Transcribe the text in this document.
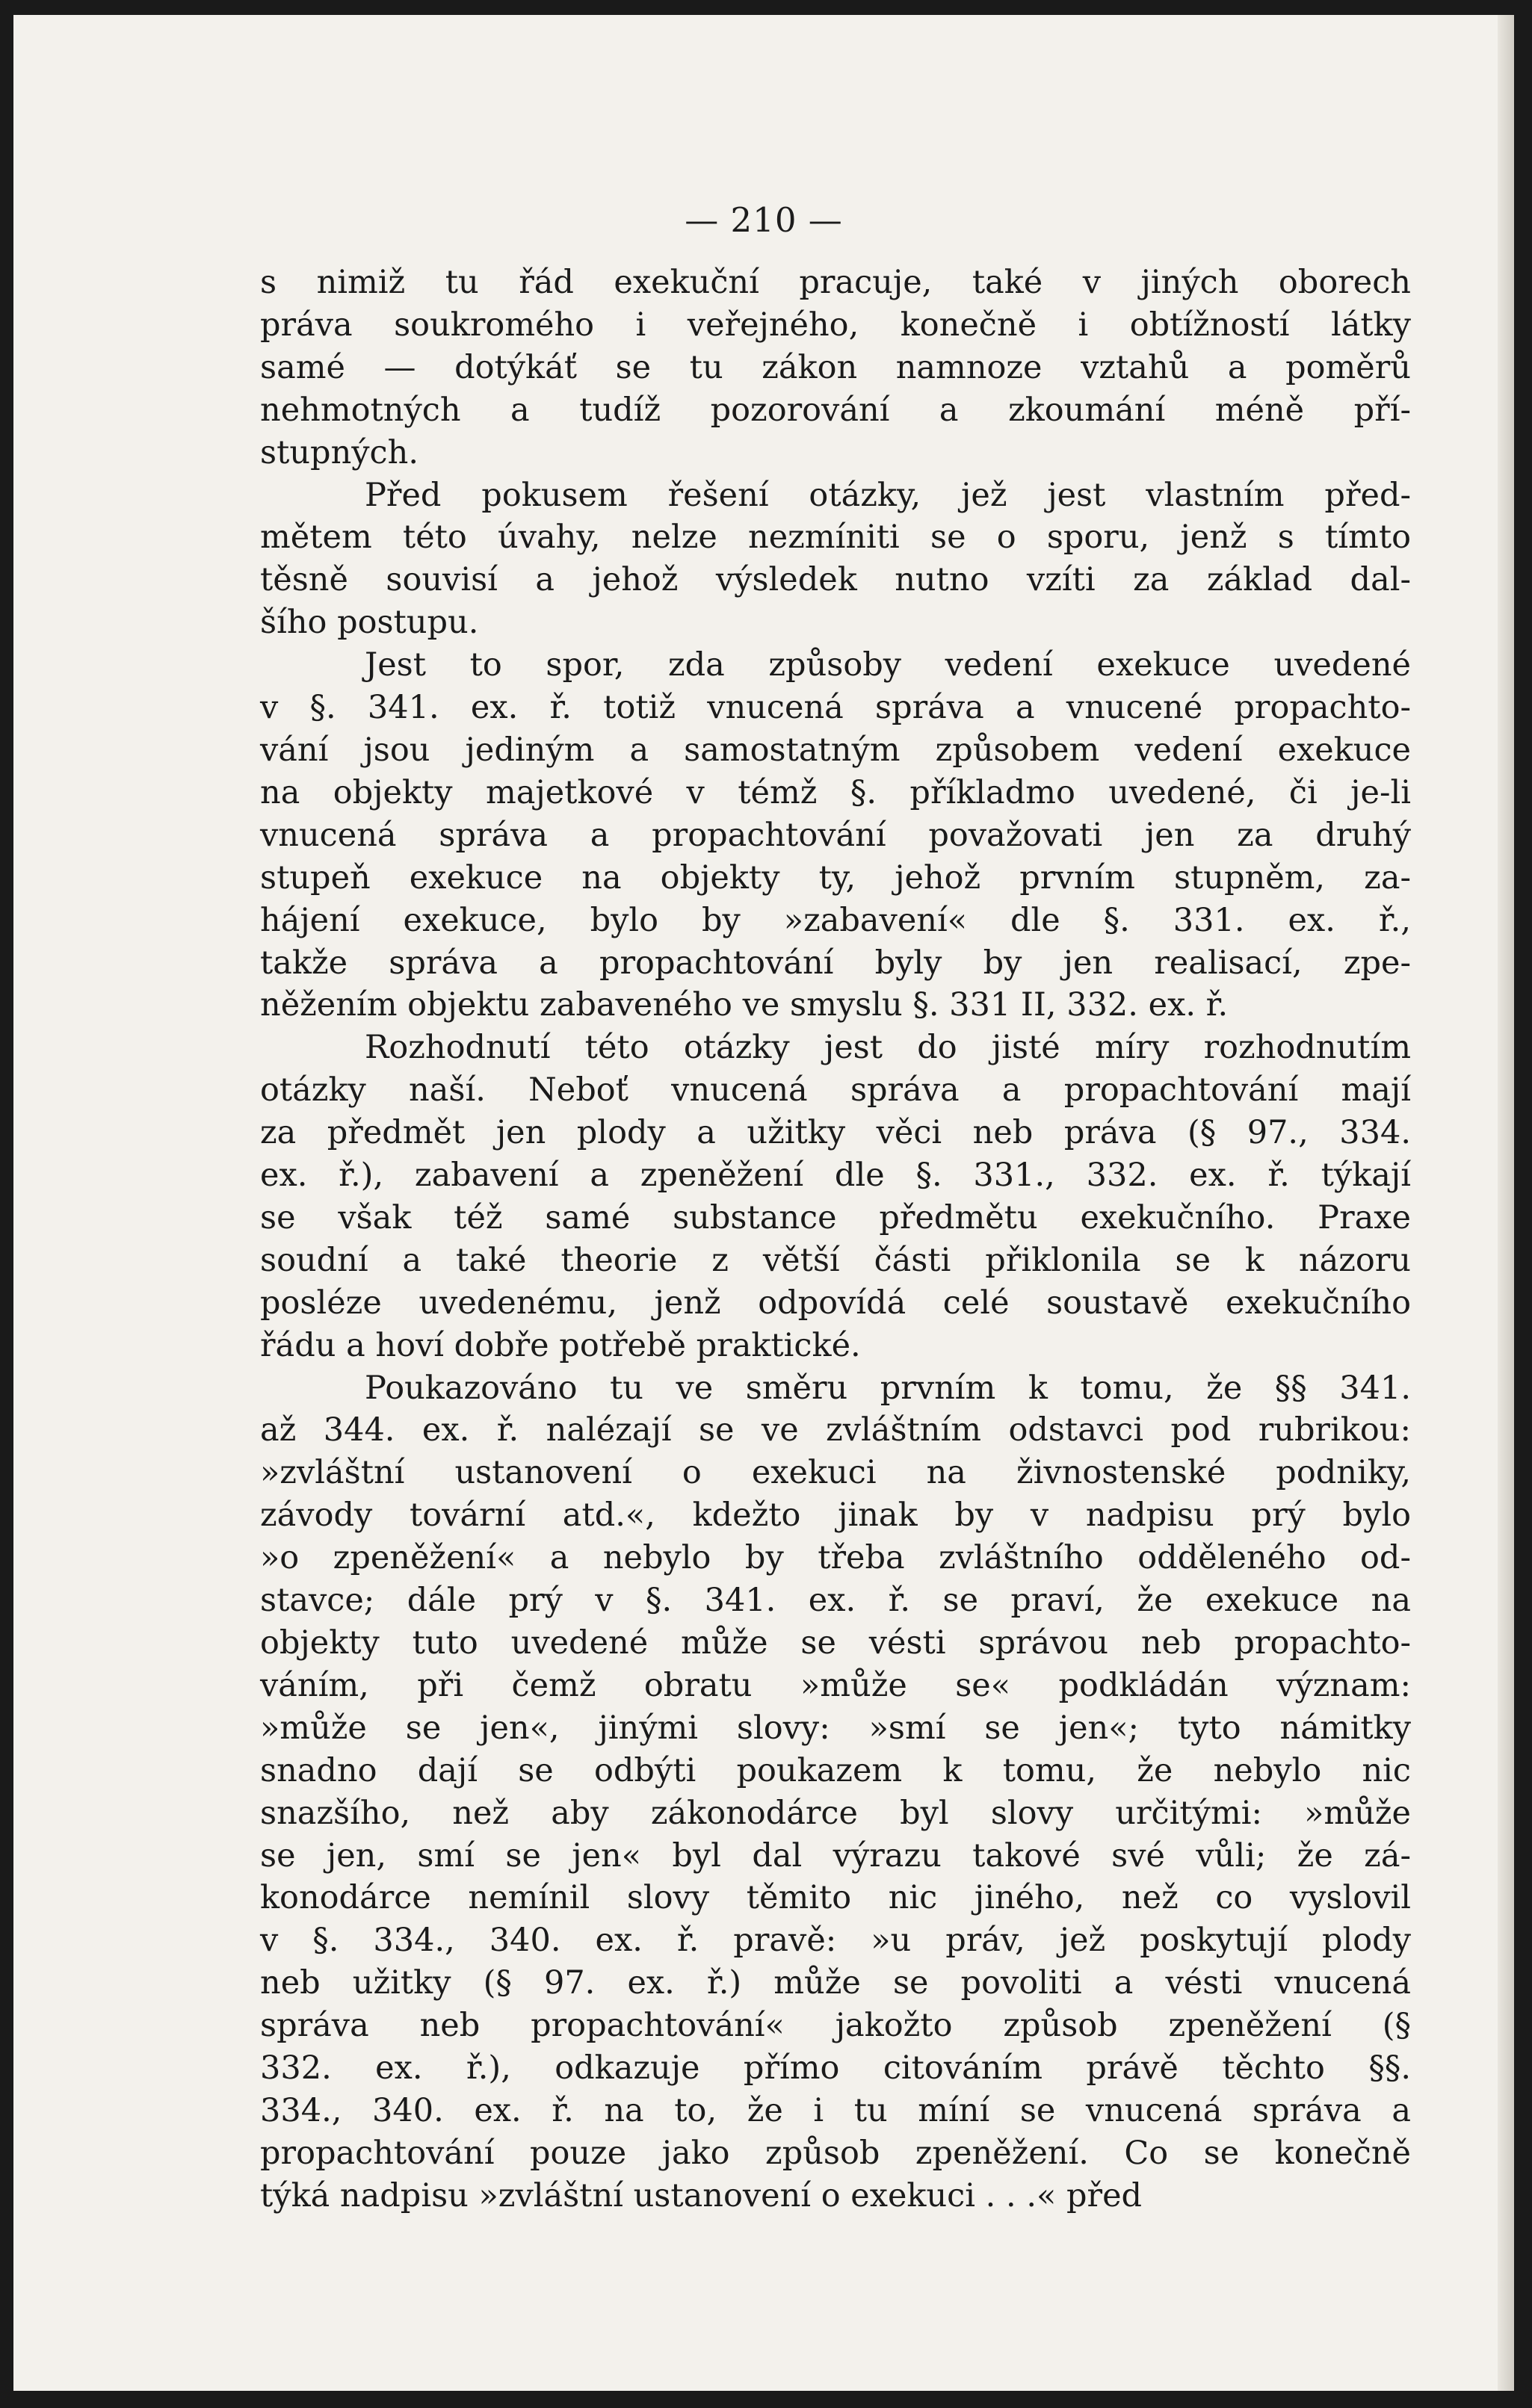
— 210 —

s nimiž tu řád exekuční pracuje, také v jiných oborech
práva soukromého i veřejného, konečně i obtížností látky
samé — dotýkáť se tu zákon namnoze vztahů a poměrů
nehmotných a tudíž pozorování a zkoumání méně pří-
stupných.

Před pokusem řešení otázky, jež jest vlastním před-
mětem této úvahy, nelze nezmíniti se o sporu, jenž s tímto
těsně souvisí a jehož výsledek nutno vzíti za základ dal-
šího postupu.

Jest to spor, zda způsoby vedení exekuce uvedené
v §. 341. ex. ř. totiž vnucená správa a vnucené propachto-
vání jsou jediným a samostatným způsobem vedení exekuce
na objekty majetkové v témž §. příkladmo uvedené, či je-li
vnucená správa a propachtování považovati jen za druhý
stupeň exekuce na objekty ty, jehož prvním stupněm, za-
hájení exekuce, bylo by »zabavení« dle §. 331. ex. ř.,
takže správa a propachtování byly by jen realisací, zpe-
něžením objektu zabaveného ve smyslu §. 331 II, 332. ex. ř.

Rozhodnutí této otázky jest do jisté míry rozhodnutím
otázky naší. Neboť vnucená správa a propachtování mají
za předmět jen plody a užitky věci neb práva (§ 97., 334.
ex. ř.), zabavení a zpeněžení dle §. 331., 332. ex. ř. týkají
se však též samé substance předmětu exekučního. Praxe
soudní a také theorie z větší části přiklonila se k názoru
posléze uvedenému, jenž odpovídá celé soustavě exekučního
řádu a hoví dobře potřebě praktické.

Poukazováno tu ve směru prvním k tomu, že §§ 341.
až 344. ex. ř. nalézají se ve zvláštním odstavci pod rubrikou:
»zvláštní ustanovení o exekuci na živnostenské podniky,
závody tovární atd.«, kdežto jinak by v nadpisu prý bylo
»o zpeněžení« a nebylo by třeba zvláštního odděleného od-
stavce; dále prý v §. 341. ex. ř. se praví, že exekuce na
objekty tuto uvedené může se vésti správou neb propachto-
váním, při čemž obratu »může se« podkládán význam:
»může se jen«, jinými slovy: »smí se jen«; tyto námitky
snadno dají se odbýti poukazem k tomu, že nebylo nic
snazšího, než aby zákonodárce byl slovy určitými: »může
se jen, smí se jen« byl dal výrazu takové své vůli; že zá-
konodárce nemínil slovy těmito nic jiného, než co vyslovil
v §. 334., 340. ex. ř. pravě: »u práv, jež poskytují plody
neb užitky (§ 97. ex. ř.) může se povoliti a vésti vnucená
správa neb propachtování« jakožto způsob zpeněžení (§
332. ex. ř.), odkazuje přímo citováním právě těchto §§.
334., 340. ex. ř. na to, že i tu míní se vnucená správa a
propachtování pouze jako způsob zpeněžení. Co se konečně
týká nadpisu »zvláštní ustanovení o exekuci . . .« před
